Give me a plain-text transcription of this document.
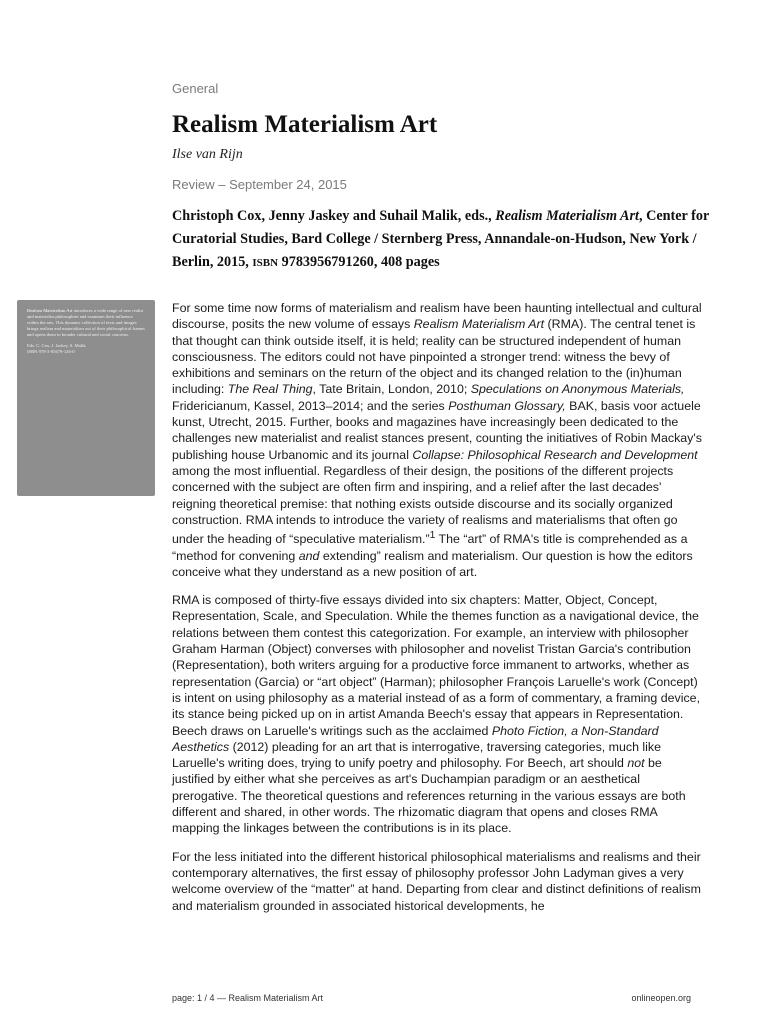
General
Realism Materialism Art
Ilse van Rijn
Review – September 24, 2015
Christoph Cox, Jenny Jaskey and Suhail Malik, eds., Realism Materialism Art, Center for Curatorial Studies, Bard College / Sternberg Press, Annandale-on-Hudson, New York / Berlin, 2015, ISBN 9783956791260, 408 pages

Realism Materialism Art introduces a wide range of new realist and materialist philosophies and examines their influence within the arts. This dynamic collection of texts and images brings realism and materialism out of their philosophical frames and opens them to broader cultural and social concerns.

Eds. C. Cox, J. Jaskey, S. Malik
ISBN 978-3-95679-126-0

For some time now forms of materialism and realism have been haunting intellectual and cultural discourse, posits the new volume of essays Realism Materialism Art (RMA). The central tenet is that thought can think outside itself, it is held; reality can be structured independent of human consciousness. The editors could not have pinpointed a stronger trend: witness the bevy of exhibitions and seminars on the return of the object and its changed relation to the (in)human including: The Real Thing, Tate Britain, London, 2010; Speculations on Anonymous Materials, Fridericianum, Kassel, 2013–2014; and the series Posthuman Glossary, BAK, basis voor actuele kunst, Utrecht, 2015. Further, books and magazines have increasingly been dedicated to the challenges new materialist and realist stances present, counting the initiatives of Robin Mackay's publishing house Urbanomic and its journal Collapse: Philosophical Research and Development among the most influential. Regardless of their design, the positions of the different projects concerned with the subject are often firm and inspiring, and a relief after the last decades' reigning theoretical premise: that nothing exists outside discourse and its socially organized construction. RMA intends to introduce the variety of realisms and materialisms that often go under the heading of “speculative materialism.”$^1$ The “art” of RMA's title is comprehended as a “method for convening and extending” realism and materialism. Our question is how the editors conceive what they understand as a new position of art.

RMA is composed of thirty-five essays divided into six chapters: Matter, Object, Concept, Representation, Scale, and Speculation. While the themes function as a navigational device, the relations between them contest this categorization. For example, an interview with philosopher Graham Harman (Object) converses with philosopher and novelist Tristan Garcia's contribution (Representation), both writers arguing for a productive force immanent to artworks, whether as representation (Garcia) or “art object” (Harman); philosopher François Laruelle's work (Concept) is intent on using philosophy as a material instead of as a form of commentary, a framing device, its stance being picked up on in artist Amanda Beech's essay that appears in Representation. Beech draws on Laruelle's writings such as the acclaimed Photo Fiction, a Non-Standard Aesthetics (2012) pleading for an art that is interrogative, traversing categories, much like Laruelle's writing does, trying to unify poetry and philosophy. For Beech, art should not be justified by either what she perceives as art's Duchampian paradigm or an aesthetical prerogative. The theoretical questions and references returning in the various essays are both different and shared, in other words. The rhizomatic diagram that opens and closes RMA mapping the linkages between the contributions is in its place.

For the less initiated into the different historical philosophical materialisms and realisms and their contemporary alternatives, the first essay of philosophy professor John Ladyman gives a very welcome overview of the “matter” at hand. Departing from clear and distinct definitions of realism and materialism grounded in associated historical developments, he

page: 1 / 4 — Realism Materialism Art	onlineopen.org
